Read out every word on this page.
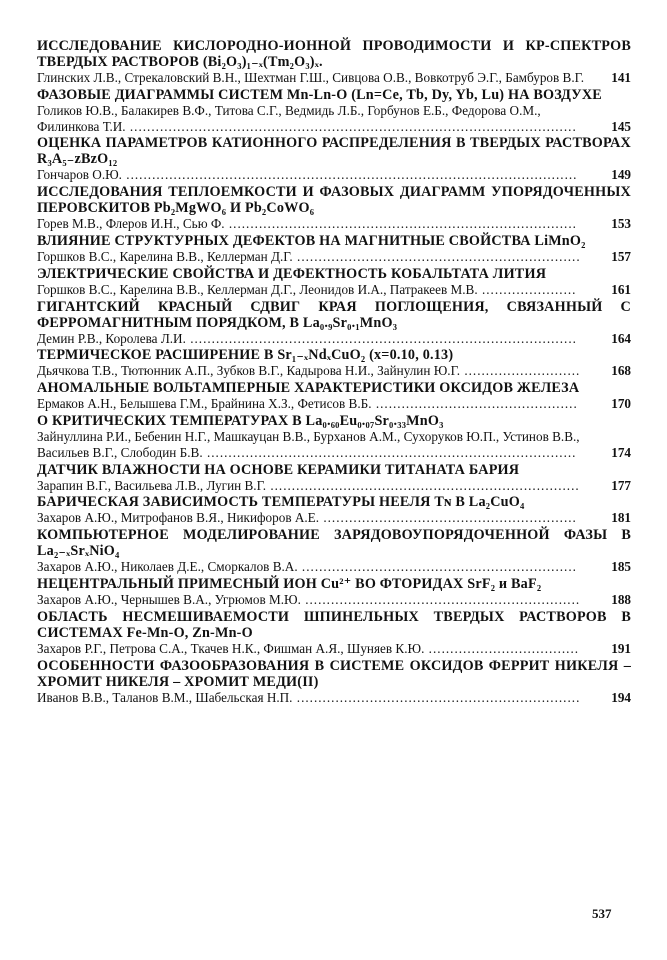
ИССЛЕДОВАНИЕ КИСЛОРОДНО-ИОННОЙ ПРОВОДИМОСТИ И КР-СПЕКТРОВ ТВЕРДЫХ РАСТВОРОВ (Bi₂O₃)₁₋ₓ(Tm₂O₃)ₓ.
Глинских Л.В., Стрекаловский В.Н., Шехтман Г.Ш., Сивцова О.В., Вовкотруб Э.Г., Бамбуров В.Г.	141
ФАЗОВЫЕ ДИАГРАММЫ СИСТЕМ Mn-Ln-O (Ln=Ce, Tb, Dy, Yb, Lu) НА ВОЗДУХЕ
Голиков Ю.В., Балакирев В.Ф., Титова С.Г., Ведмидь Л.Б., Горбунов Е.Б., Федорова О.М., Филинкова Т.И. ........................................................................................................	145
ОЦЕНКА ПАРАМЕТРОВ КАТИОННОГО РАСПРЕДЕЛЕНИЯ В ТВЕРДЫХ РАСТВОРАХ R₃A₅₋zBzO₁₂
Гончаров О.Ю. .........................................................................................................	149
ИССЛЕДОВАНИЯ ТЕПЛОЕМКОСТИ И ФАЗОВЫХ ДИАГРАММ УПОРЯДОЧЕННЫХ ПЕРОВСКИТОВ Pb₂MgWO₆ И Pb₂CoWO₆
Горев М.В., Флеров И.Н., Сью Ф. .................................................................................	153
ВЛИЯНИЕ СТРУКТУРНЫХ ДЕФЕКТОВ НА МАГНИТНЫЕ СВОЙСТВА LiMnO₂
Горшков В.С., Карелина В.В., Келлерман Д.Г. ..................................................................	157
ЭЛЕКТРИЧЕСКИЕ СВОЙСТВА И ДЕФЕКТНОСТЬ КОБАЛЬТАТА ЛИТИЯ
Горшков В.С., Карелина В.В., Келлерман Д.Г., Леонидов И.А., Патракеев М.В. ......................	161
ГИГАНТСКИЙ КРАСНЫЙ СДВИГ КРАЯ ПОГЛОЩЕНИЯ, СВЯЗАННЫЙ С ФЕРРОМАГНИТНЫМ ПОРЯДКОМ, В La₀.₉Sr₀.₁MnO₃
Демин Р.В., Королева Л.И. ..........................................................................................	164
ТЕРМИЧЕСКОЕ РАСШИРЕНИЕ В Sr₁₋ₓNdₓCuO₂ (x=0.10, 0.13)
Дьячкова Т.В., Тютюнник А.П., Зубков В.Г., Кадырова Н.И., Зайнулин Ю.Г. ...........................	168
АНОМАЛЬНЫЕ ВОЛЬТАМПЕРНЫЕ ХАРАКТЕРИСТИКИ ОКСИДОВ ЖЕЛЕЗА
Ермаков А.Н., Белышева Г.М., Брайнина Х.З., Фетисов В.Б. ...............................................	170
О КРИТИЧЕСКИХ ТЕМПЕРАТУРАХ В La₀.₆₀Eu₀.₀₇Sr₀.₃₃MnO₃
Зайнуллина Р.И., Бебенин Н.Г., Машкауцан В.В., Бурханов А.М., Сухоруков Ю.П., Устинов В.В., Васильев В.Г., Слободин Б.В. ......................................................................................	174
ДАТЧИК ВЛАЖНОСТИ НА ОСНОВЕ КЕРАМИКИ ТИТАНАТА БАРИЯ
Зарапин В.Г., Васильева Л.В., Лугин В.Г. ........................................................................	177
БАРИЧЕСКАЯ ЗАВИСИМОСТЬ ТЕМПЕРАТУРЫ НЕЕЛЯ Tɴ В La₂CuO₄
Захаров А.Ю., Митрофанов В.Я., Никифоров А.Е. ...........................................................	181
КОМПЬЮТЕРНОЕ МОДЕЛИРОВАНИЕ ЗАРЯДОВОУПОРЯДОЧЕННОЙ ФАЗЫ В La₂₋ₓSrₓNiO₄
Захаров А.Ю., Николаев Д.Е., Сморкалов В.А. ................................................................	185
НЕЦЕНТРАЛЬНЫЙ ПРИМЕСНЫЙ ИОН Cu²⁺ ВО ФТОРИДАХ SrF₂ и BaF₂
Захаров А.Ю., Чернышев В.А., Угрюмов М.Ю. ................................................................	188
ОБЛАСТЬ НЕСМЕШИВАЕМОСТИ ШПИНЕЛЬНЫХ ТВЕРДЫХ РАСТВОРОВ В СИСТЕМАХ Fe-Mn-O, Zn-Mn-O
Захаров Р.Г., Петрова С.А., Ткачев Н.К., Фишман А.Я., Шуняев К.Ю. ...................................	191
ОСОБЕННОСТИ ФАЗООБРАЗОВАНИЯ В СИСТЕМЕ ОКСИДОВ ФЕРРИТ НИКЕЛЯ – ХРОМИТ НИКЕЛЯ – ХРОМИТ МЕДИ(II)
Иванов В.В., Таланов В.М., Шабельская Н.П. ..................................................................	194
537
